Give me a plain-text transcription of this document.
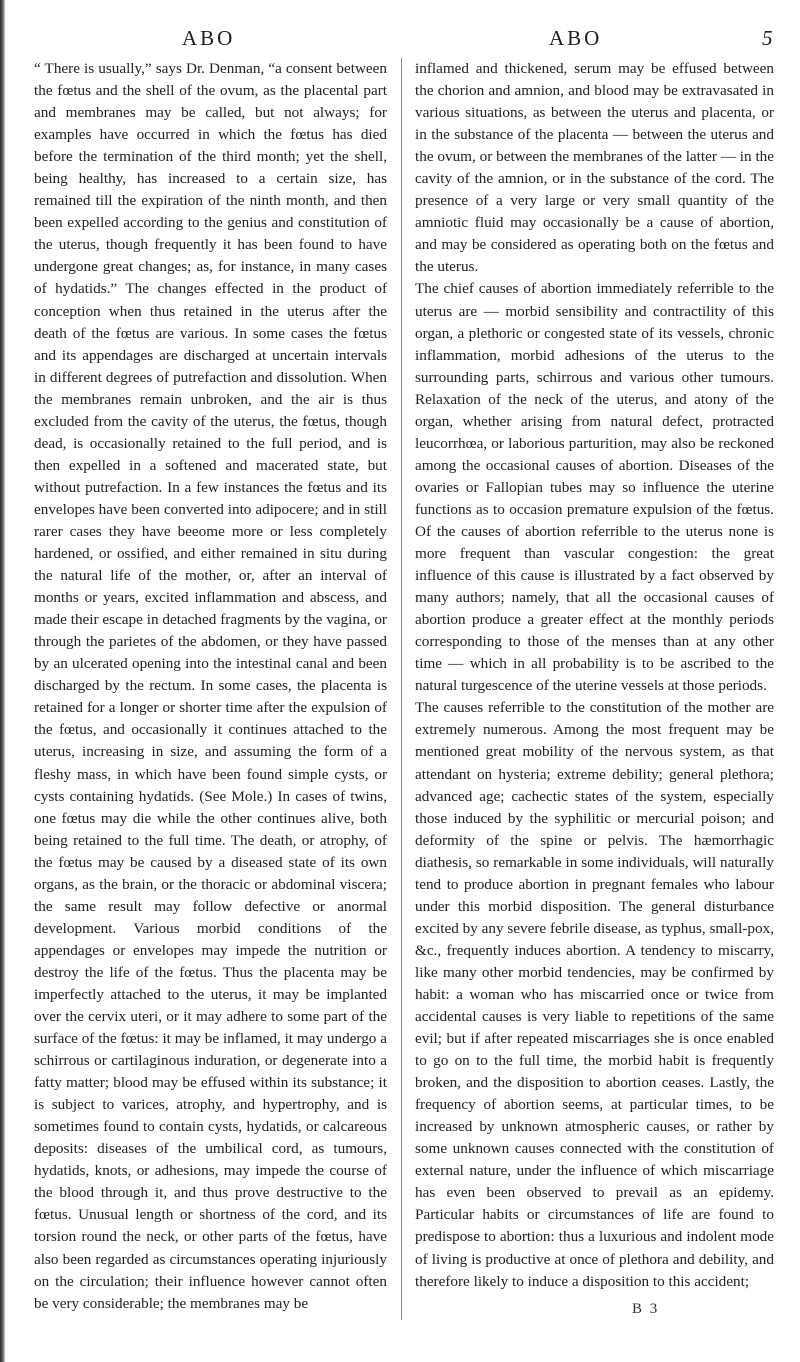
ABO	ABO	5

“ There is usually,” says Dr. Denman, “a consent between the fœtus and the shell of the ovum, as the placental part and membranes may be called, but not always; for examples have occurred in which the fœtus has died before the termination of the third month; yet the shell, being healthy, has increased to a certain size, has remained till the expiration of the ninth month, and then been expelled according to the genius and constitution of the uterus, though frequently it has been found to have undergone great changes; as, for instance, in many cases of hydatids.” The changes effected in the product of conception when thus retained in the uterus after the death of the fœtus are various. In some cases the fœtus and its appendages are discharged at uncertain intervals in different degrees of putrefaction and dissolution. When the membranes remain unbroken, and the air is thus excluded from the cavity of the uterus, the fœtus, though dead, is occasionally retained to the full period, and is then expelled in a softened and macerated state, but without putrefaction. In a few instances the fœtus and its envelopes have been converted into adipocere; and in still rarer cases they have beeome more or less completely hardened, or ossified, and either remained in situ during the natural life of the mother, or, after an interval of months or years, excited inflammation and abscess, and made their escape in detached fragments by the vagina, or through the parietes of the abdomen, or they have passed by an ulcerated opening into the intestinal canal and been discharged by the rectum. In some cases, the placenta is retained for a longer or shorter time after the expulsion of the fœtus, and occasionally it continues attached to the uterus, increasing in size, and assuming the form of a fleshy mass, in which have been found simple cysts, or cysts containing hydatids. (See Mole.) In cases of twins, one fœtus may die while the other continues alive, both being retained to the full time. The death, or atrophy, of the fœtus may be caused by a diseased state of its own organs, as the brain, or the thoracic or abdominal viscera; the same result may follow defective or anormal development. Various morbid conditions of the appendages or envelopes may impede the nutrition or destroy the life of the fœtus. Thus the placenta may be imperfectly attached to the uterus, it may be implanted over the cervix uteri, or it may adhere to some part of the surface of the fœtus: it may be inflamed, it may undergo a schirrous or cartilaginous induration, or degenerate into a fatty matter; blood may be effused within its substance; it is subject to varices, atrophy, and hypertrophy, and is sometimes found to contain cysts, hydatids, or calcareous deposits: diseases of the umbilical cord, as tumours, hydatids, knots, or adhesions, may impede the course of the blood through it, and thus prove destructive to the fœtus. Unusual length or shortness of the cord, and its torsion round the neck, or other parts of the fœtus, have also been regarded as circumstances operating injuriously on the circulation; their influence however cannot often be very considerable; the membranes may be

inflamed and thickened, serum may be effused between the chorion and amnion, and blood may be extravasated in various situations, as between the uterus and placenta, or in the substance of the placenta — between the uterus and the ovum, or between the membranes of the latter — in the cavity of the amnion, or in the substance of the cord. The presence of a very large or very small quantity of the amniotic fluid may occasionally be a cause of abortion, and may be considered as operating both on the fœtus and the uterus.

The chief causes of abortion immediately referrible to the uterus are — morbid sensibility and contractility of this organ, a plethoric or congested state of its vessels, chronic inflammation, morbid adhesions of the uterus to the surrounding parts, schirrous and various other tumours. Relaxation of the neck of the uterus, and atony of the organ, whether arising from natural defect, protracted leucorrhœa, or laborious parturition, may also be reckoned among the occasional causes of abortion. Diseases of the ovaries or Fallopian tubes may so influence the uterine functions as to occasion premature expulsion of the fœtus. Of the causes of abortion referrible to the uterus none is more frequent than vascular congestion: the great influence of this cause is illustrated by a fact observed by many authors; namely, that all the occasional causes of abortion produce a greater effect at the monthly periods corresponding to those of the menses than at any other time — which in all probability is to be ascribed to the natural turgescence of the uterine vessels at those periods.

The causes referrible to the constitution of the mother are extremely numerous. Among the most frequent may be mentioned great mobility of the nervous system, as that attendant on hysteria; extreme debility; general plethora; advanced age; cachectic states of the system, especially those induced by the syphilitic or mercurial poison; and deformity of the spine or pelvis. The hæmorrhagic diathesis, so remarkable in some individuals, will naturally tend to produce abortion in pregnant females who labour under this morbid disposition. The general disturbance excited by any severe febrile disease, as typhus, small-pox, &c., frequently induces abortion. A tendency to miscarry, like many other morbid tendencies, may be confirmed by habit: a woman who has miscarried once or twice from accidental causes is very liable to repetitions of the same evil; but if after repeated miscarriages she is once enabled to go on to the full time, the morbid habit is frequently broken, and the disposition to abortion ceases. Lastly, the frequency of abortion seems, at particular times, to be increased by unknown atmospheric causes, or rather by some unknown causes connected with the constitution of external nature, under the influence of which miscarriage has even been observed to prevail as an epidemy. Particular habits or circumstances of life are found to predispose to abortion: thus a luxurious and indolent mode of living is productive at once of plethora and debility, and therefore likely to induce a disposition to this accident;

B 3
